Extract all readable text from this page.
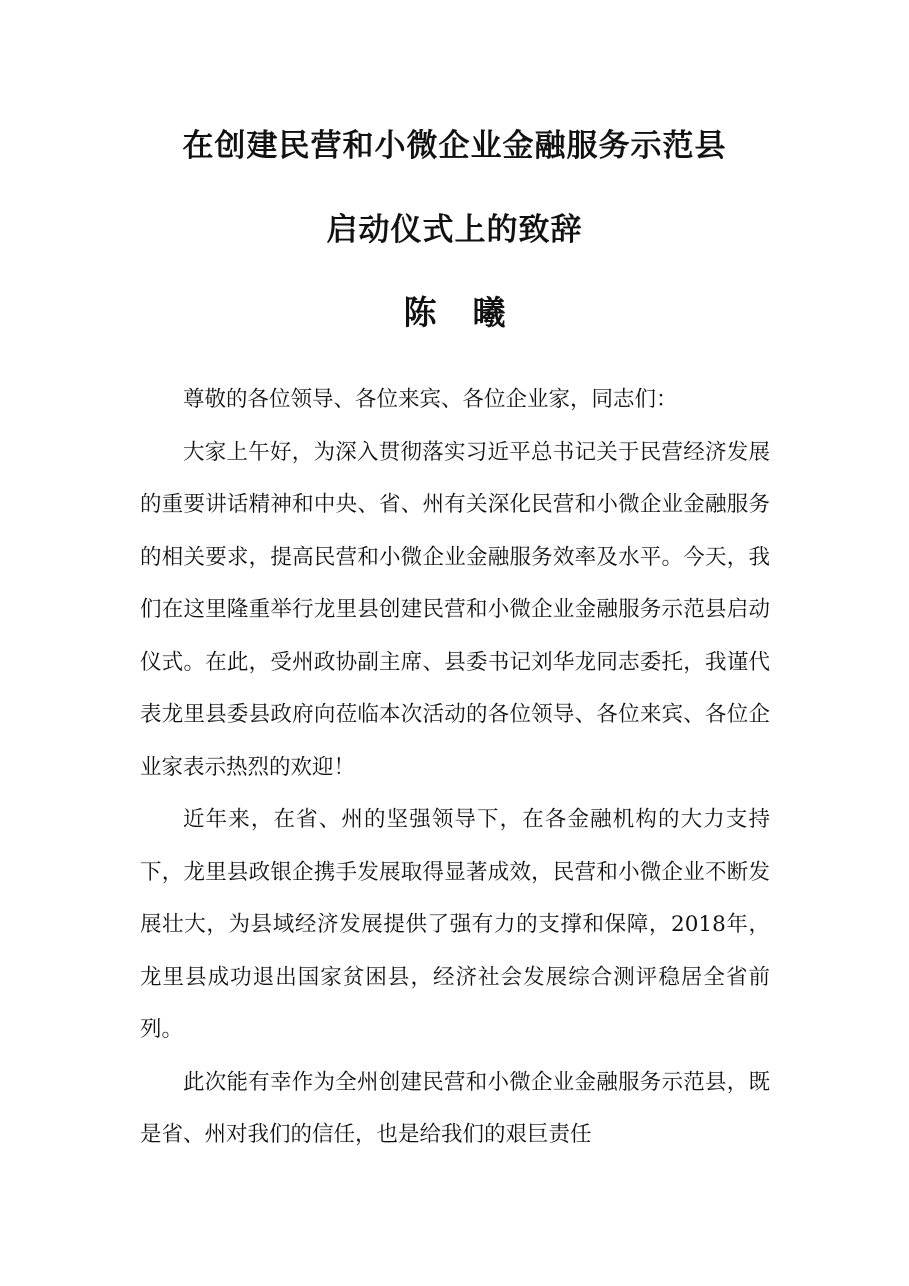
在创建民营和小微企业金融服务示范县
启动仪式上的致辞
陈 曦

尊敬的各位领导、各位来宾、各位企业家，同志们：

大家上午好，为深入贯彻落实习近平总书记关于民营经济发展的重要讲话精神和中央、省、州有关深化民营和小微企业金融服务的相关要求，提高民营和小微企业金融服务效率及水平。今天，我们在这里隆重举行龙里县创建民营和小微企业金融服务示范县启动仪式。在此，受州政协副主席、县委书记刘华龙同志委托，我谨代表龙里县委县政府向莅临本次活动的各位领导、各位来宾、各位企业家表示热烈的欢迎！

近年来，在省、州的坚强领导下，在各金融机构的大力支持下，龙里县政银企携手发展取得显著成效，民营和小微企业不断发展壮大，为县域经济发展提供了强有力的支撑和保障，2018年，龙里县成功退出国家贫困县，经济社会发展综合测评稳居全省前列。

此次能有幸作为全州创建民营和小微企业金融服务示范县，既是省、州对我们的信任，也是给我们的艰巨责任
